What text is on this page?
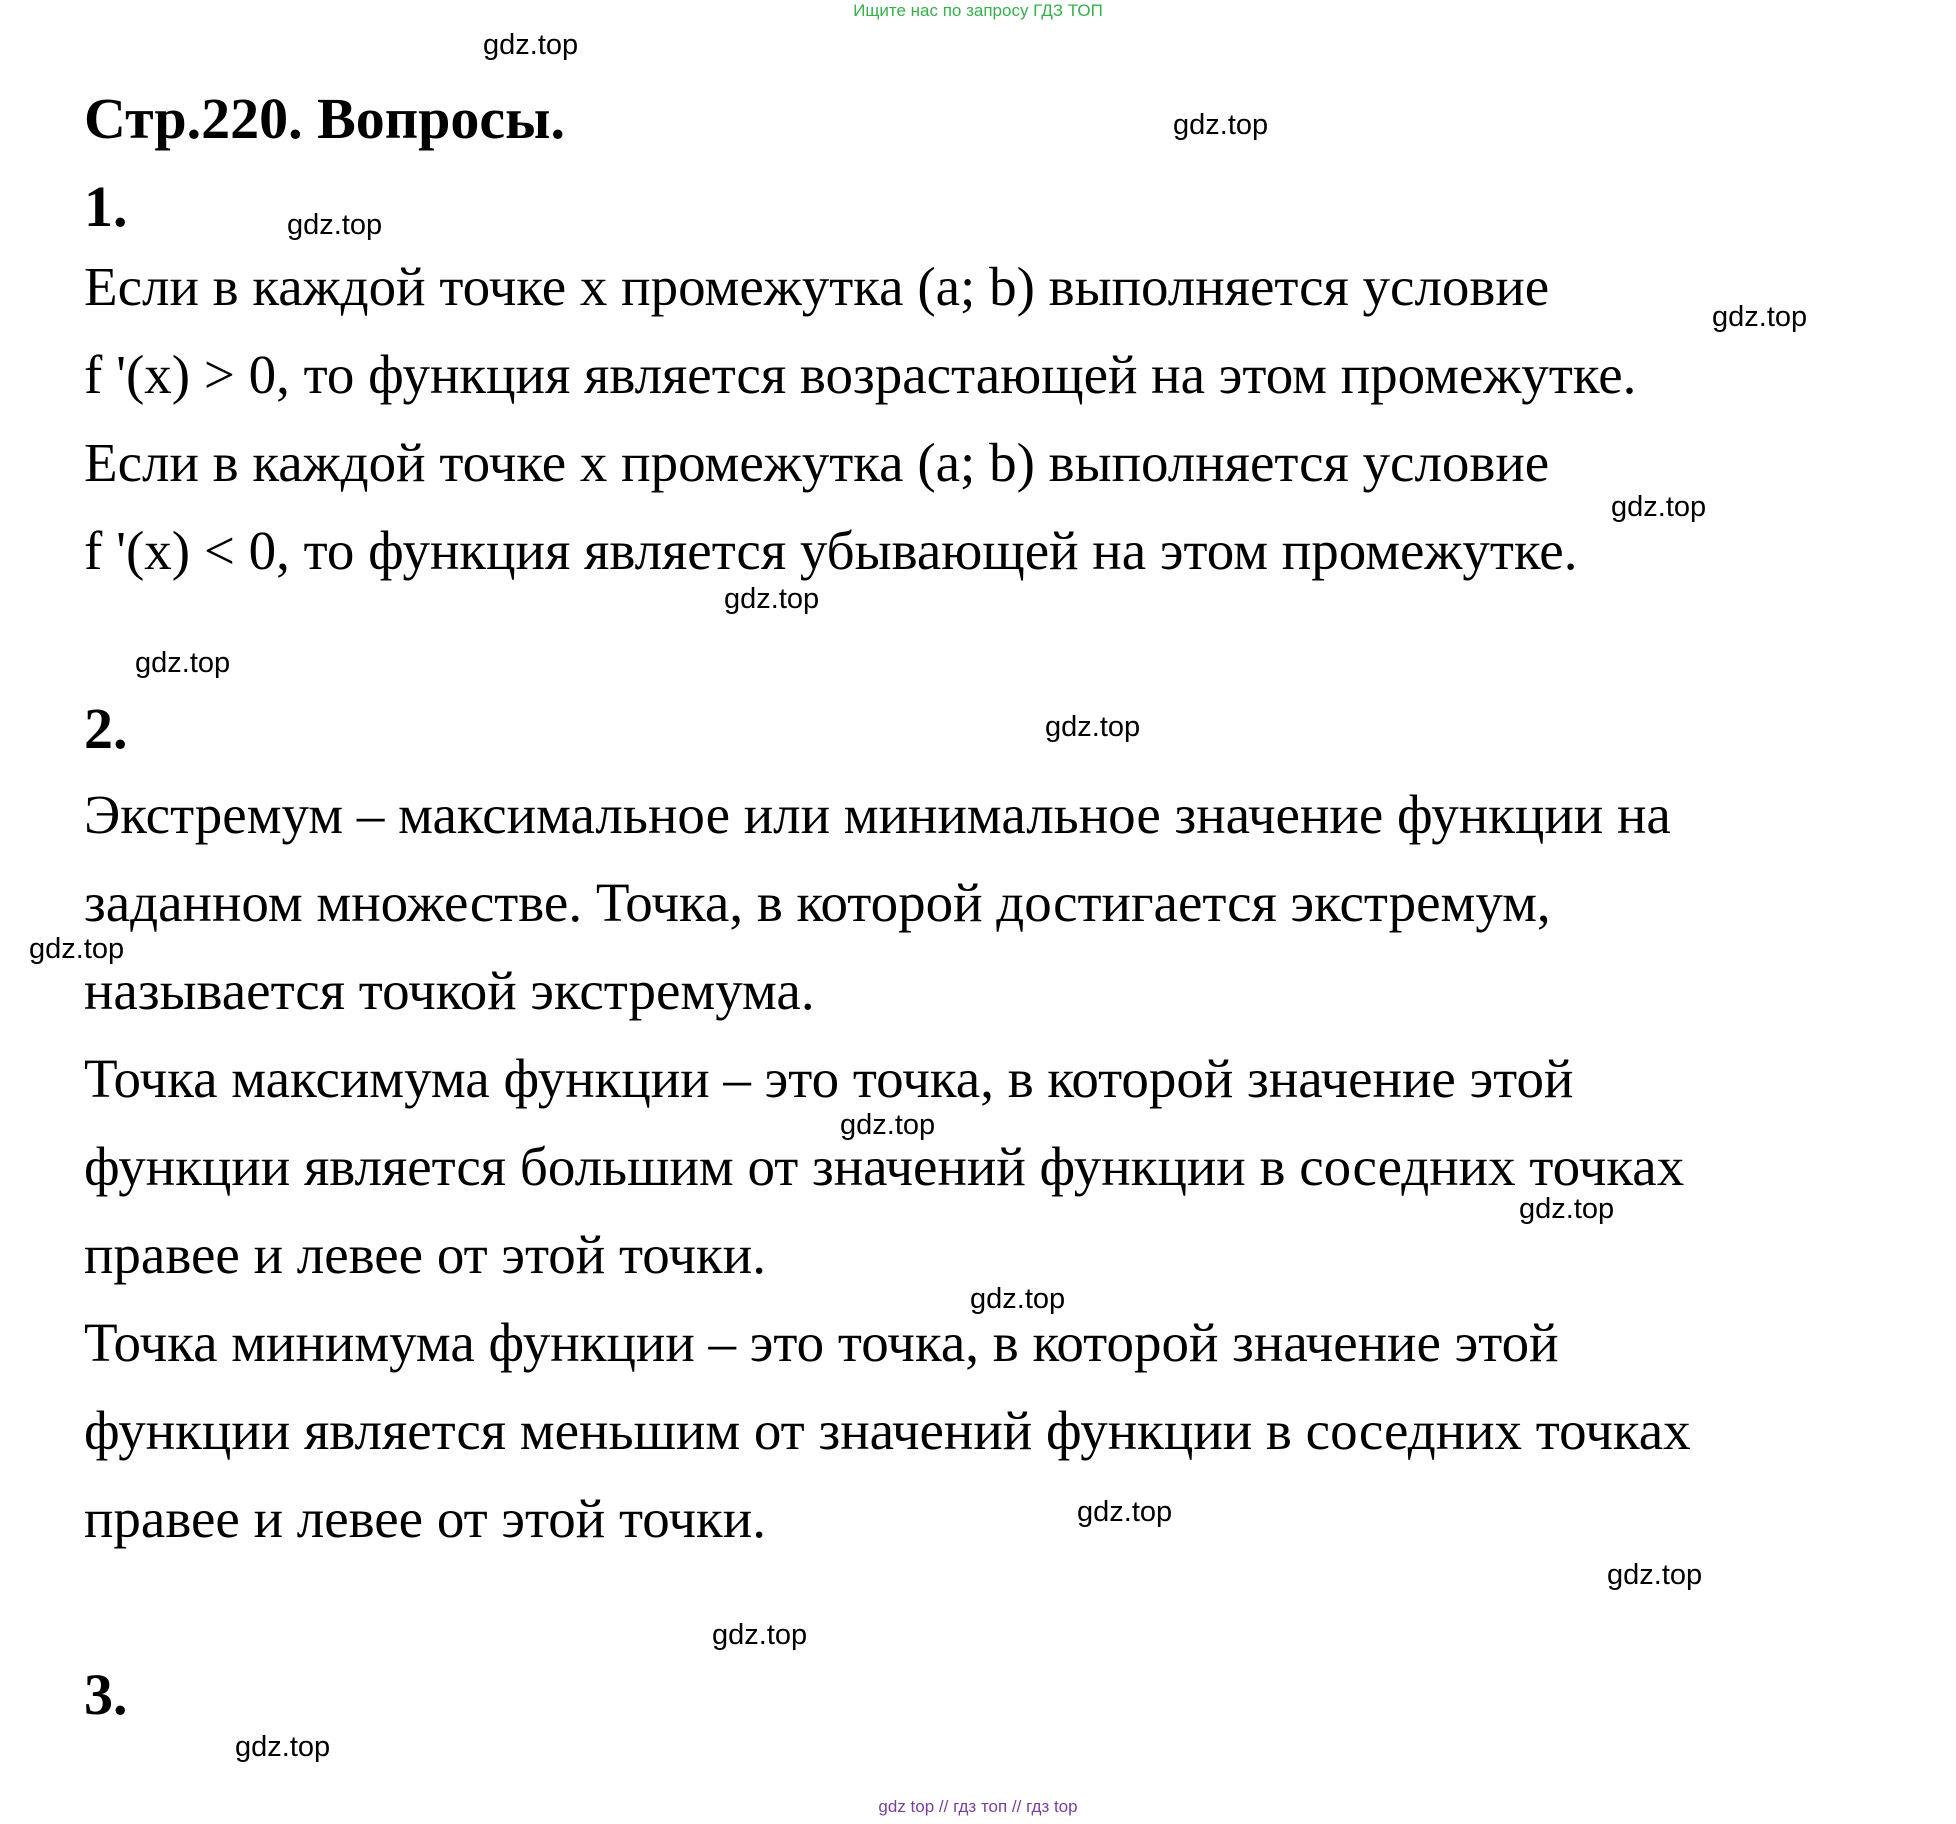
Ищите нас по запросу ГДЗ ТОП
Стр.220. Вопросы.
1.
Если в каждой точке x промежутка (a; b) выполняется условие
f '(x) > 0, то функция является возрастающей на этом промежутке.
Если в каждой точке x промежутка (a; b) выполняется условие
f '(x) < 0, то функция является убывающей на этом промежутке.
2.
Экстремум – максимальное или минимальное значение функции на
заданном множестве. Точка, в которой достигается экстремум,
называется точкой экстремума.
Точка максимума функции – это точка, в которой значение этой
функции является большим от значений функции в соседних точках
правее и левее от этой точки.
Точка минимума функции – это точка, в которой значение этой
функции является меньшим от значений функции в соседних точках
правее и левее от этой точки.
3.
gdz.top
gdz.top
gdz.top
gdz.top
gdz.top
gdz.top
gdz.top
gdz.top
gdz.top
gdz.top
gdz.top
gdz.top
gdz.top
gdz.top
gdz.top
gdz.top
gdz top // гдз топ // гдз top
